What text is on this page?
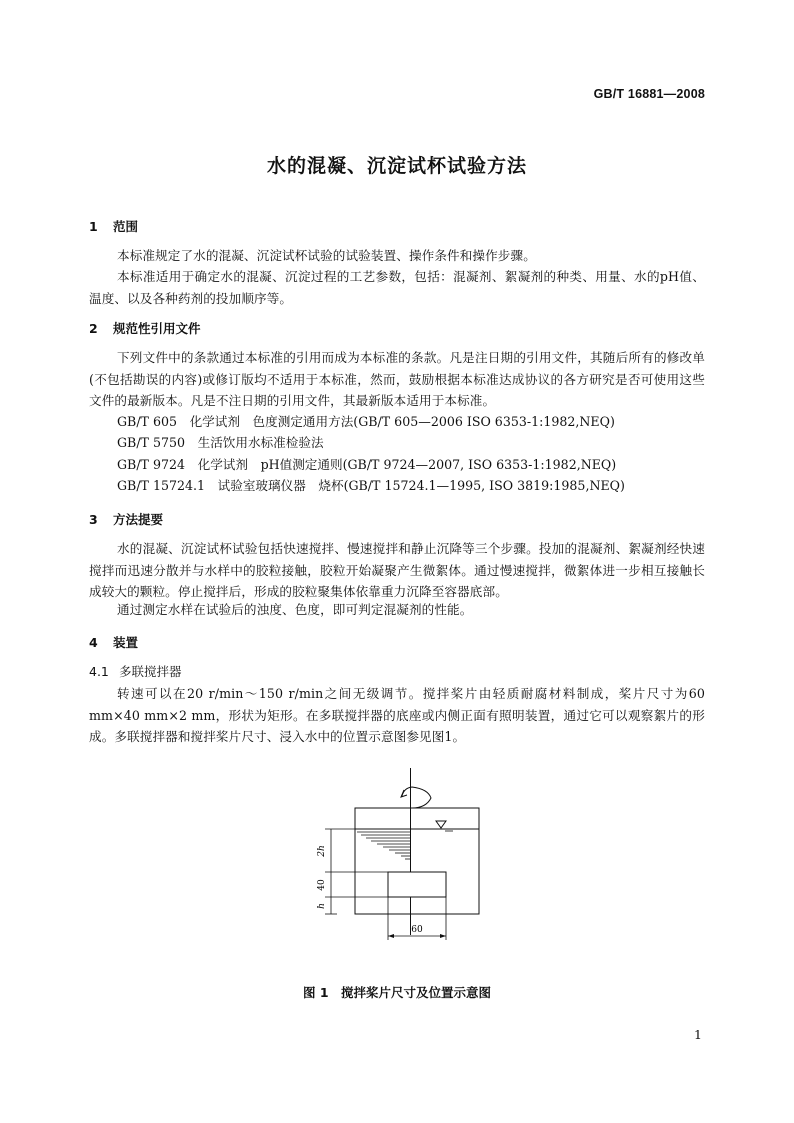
GB/T 16881—2008
水的混凝、沉淀试杯试验方法
1 范围
本标准规定了水的混凝、沉淀试杯试验的试验装置、操作条件和操作步骤。
本标准适用于确定水的混凝、沉淀过程的工艺参数，包括：混凝剂、絮凝剂的种类、用量、水的pH值、温度、以及各种药剂的投加顺序等。
2 规范性引用文件
下列文件中的条款通过本标准的引用而成为本标准的条款。凡是注日期的引用文件，其随后所有的修改单(不包括勘误的内容)或修订版均不适用于本标准，然而，鼓励根据本标准达成协议的各方研究是否可使用这些文件的最新版本。凡是不注日期的引用文件，其最新版本适用于本标准。
GB/T 605　化学试剂　色度测定通用方法(GB/T 605—2006 ISO 6353-1:1982,NEQ)
GB/T 5750　生活饮用水标准检验法
GB/T 9724　化学试剂　pH值测定通则(GB/T 9724—2007, ISO 6353-1:1982,NEQ)
GB/T 15724.1　试验室玻璃仪器　烧杯(GB/T 15724.1—1995, ISO 3819:1985,NEQ)
3 方法提要
水的混凝、沉淀试杯试验包括快速搅拌、慢速搅拌和静止沉降等三个步骤。投加的混凝剂、絮凝剂经快速搅拌而迅速分散并与水样中的胶粒接触，胶粒开始凝聚产生微絮体。通过慢速搅拌，微絮体进一步相互接触长成较大的颗粒。停止搅拌后，形成的胶粒聚集体依靠重力沉降至容器底部。
通过测定水样在试验后的浊度、色度，即可判定混凝剂的性能。
4 装置
4.1 多联搅拌器
转速可以在20 r/min～150 r/min之间无级调节。搅拌桨片由轻质耐腐材料制成，桨片尺寸为60 mm×40 mm×2 mm，形状为矩形。在多联搅拌器的底座或内侧正面有照明装置，通过它可以观察絮片的形成。多联搅拌器和搅拌桨片尺寸、浸入水中的位置示意图参见图1。
2h
40
h
60
图 1　搅拌桨片尺寸及位置示意图
1
